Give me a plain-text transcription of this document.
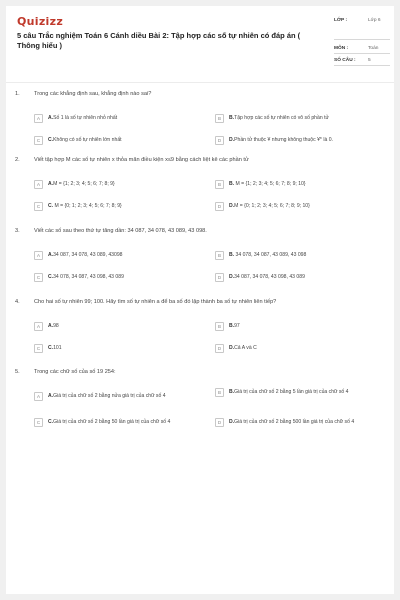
Quizizz
5 câu Trắc nghiệm Toán 6 Cánh diều Bài 2: Tập hợp các số tự nhiên có đáp án ( Thông hiểu )
LỚP :	Lớp 6
MÔN :	Toán
SỐ CÂU :	5
1.	Trong các khẳng định sau, khẳng định nào sai?
A	A.Số 1 là số tự nhiên nhỏ nhất	B	B.Tập hợp các số tự nhiên có vô số phần tử
C	C.Không có số tự nhiên lớn nhất	D	D.Phần tử thuộc ¥ nhưng không thuộc ¥* là 0.
2.	Viết tập hợp M các số tự nhiên x thỏa mãn điều kiện x≤9 bằng cách liệt kê các phần tử
A	A.M = {1; 2; 3; 4; 5; 6; 7; 8; 9}	B	B. M = {1; 2; 3; 4; 5; 6; 7; 8; 9; 10}
C	C. M = {0; 1; 2; 3; 4; 5; 6; 7; 8; 9}	D	D.M = {0; 1; 2; 3; 4; 5; 6; 7; 8; 9; 10}
3.	Viết các số sau theo thứ tự tăng dần: 34 087, 34 078, 43 089, 43 098.
A	A.34 087, 34 078, 43 089, 43098	B	B. 34 078, 34 087, 43 089, 43 098
C	C.34 078, 34 087, 43 098, 43 089	D	D.34 087, 34 078, 43 098, 43 089
4.	Cho hai số tự nhiên 99; 100. Hãy tìm số tự nhiên a để ba số đó lập thành ba số tự nhiên liên tiếp?
A	A.98	B	B.97
C	C.101	D	D.Cả A và C
5.	Trong các chữ số của số 19 254:
A	A.Giá trị của chữ số 2 bằng nửa giá trị của chữ số 4
B	B.Giá trị của chữ số 2 bằng 5 lần giá trị của chữ số 4
C	C.Giá trị của chữ số 2 bằng 50 lần giá trị của chữ số 4	D	D.Giá trị của chữ số 2 bằng 500 lần giá trị của chữ số 4
